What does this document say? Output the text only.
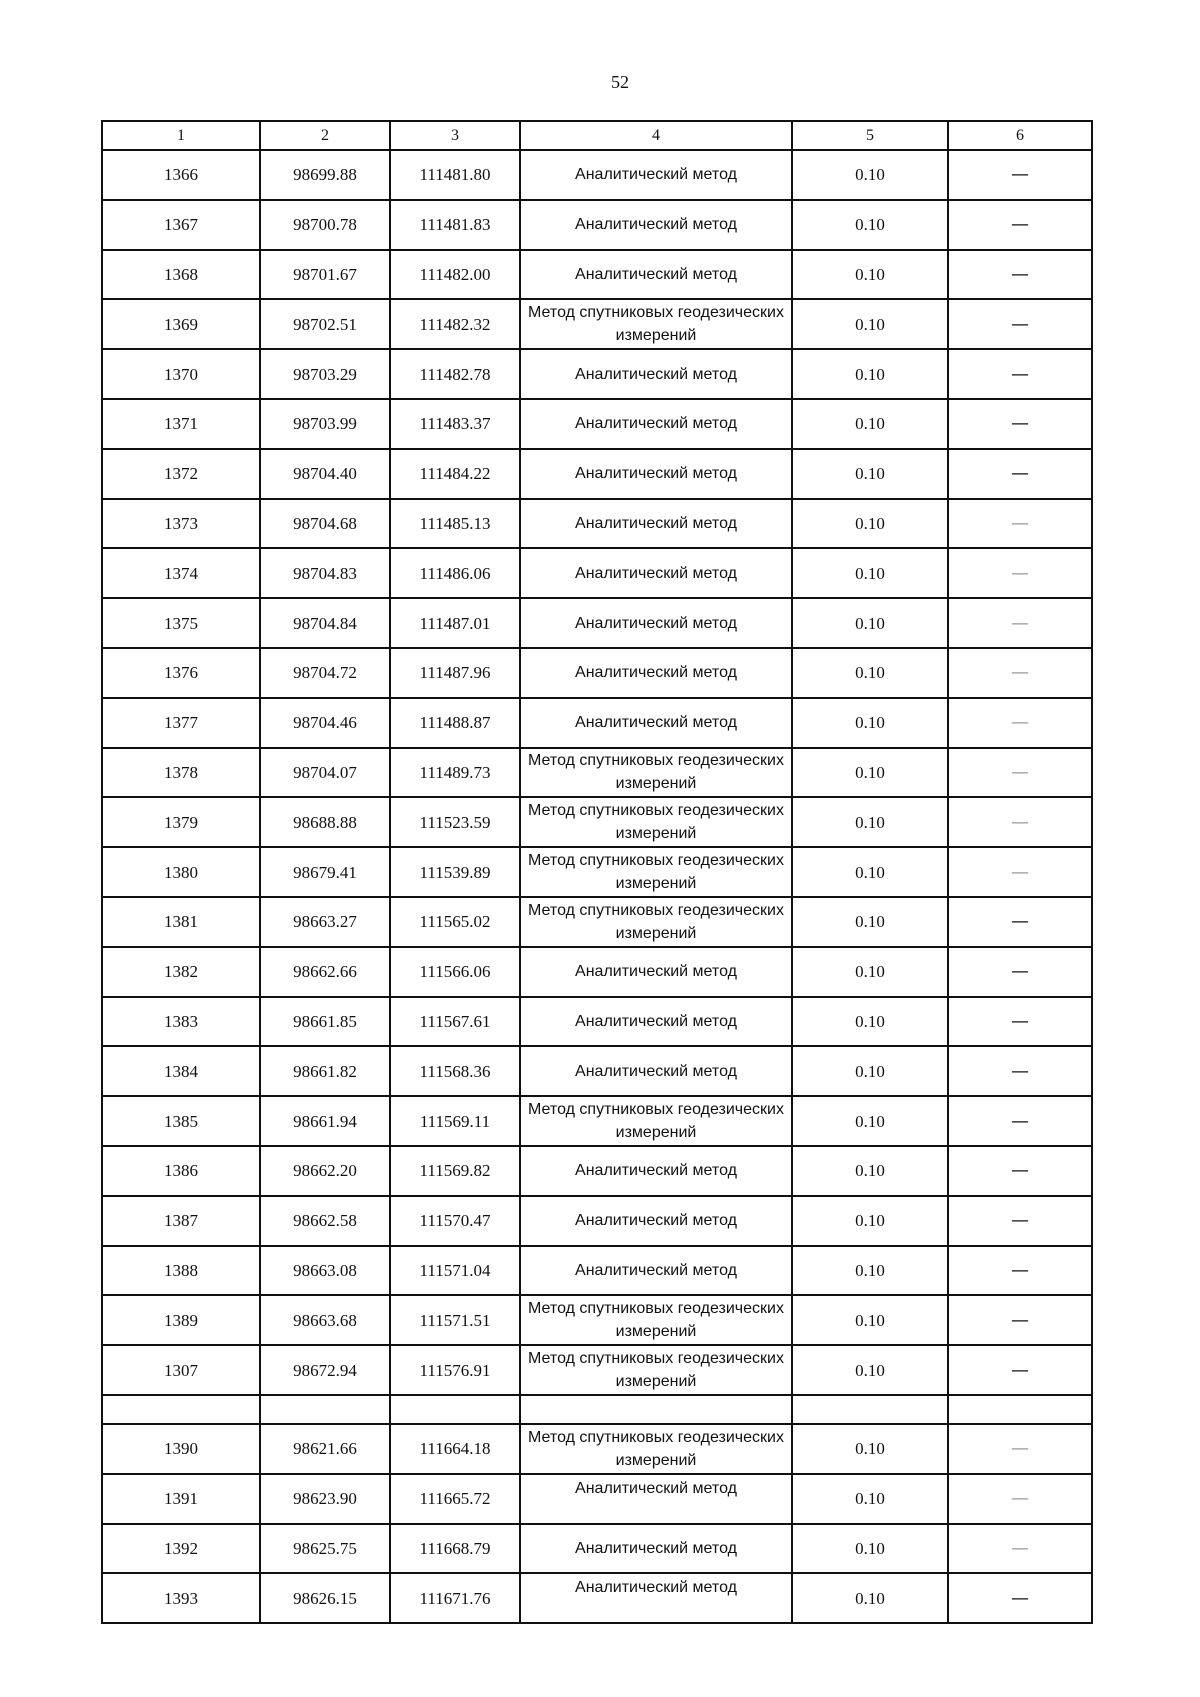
52
1	2	3	4	5	6
1366	98699.88	111481.80	Аналитический метод	0.10	—
1367	98700.78	111481.83	Аналитический метод	0.10	—
1368	98701.67	111482.00	Аналитический метод	0.10	—
1369	98702.51	111482.32	Метод спутниковых геодезических измерений	0.10	—
1370	98703.29	111482.78	Аналитический метод	0.10	—
1371	98703.99	111483.37	Аналитический метод	0.10	—
1372	98704.40	111484.22	Аналитический метод	0.10	—
1373	98704.68	111485.13	Аналитический метод	0.10	—
1374	98704.83	111486.06	Аналитический метод	0.10	—
1375	98704.84	111487.01	Аналитический метод	0.10	—
1376	98704.72	111487.96	Аналитический метод	0.10	—
1377	98704.46	111488.87	Аналитический метод	0.10	—
1378	98704.07	111489.73	Метод спутниковых геодезических измерений	0.10	—
1379	98688.88	111523.59	Метод спутниковых геодезических измерений	0.10	—
1380	98679.41	111539.89	Метод спутниковых геодезических измерений	0.10	—
1381	98663.27	111565.02	Метод спутниковых геодезических измерений	0.10	—
1382	98662.66	111566.06	Аналитический метод	0.10	—
1383	98661.85	111567.61	Аналитический метод	0.10	—
1384	98661.82	111568.36	Аналитический метод	0.10	—
1385	98661.94	111569.11	Метод спутниковых геодезических измерений	0.10	—
1386	98662.20	111569.82	Аналитический метод	0.10	—
1387	98662.58	111570.47	Аналитический метод	0.10	—
1388	98663.08	111571.04	Аналитический метод	0.10	—
1389	98663.68	111571.51	Метод спутниковых геодезических измерений	0.10	—
1307	98672.94	111576.91	Метод спутниковых геодезических измерений	0.10	—

1390	98621.66	111664.18	Метод спутниковых геодезических измерений	0.10	—
1391	98623.90	111665.72	Аналитический метод	0.10	—
1392	98625.75	111668.79	Аналитический метод	0.10	—
1393	98626.15	111671.76	Аналитический метод	0.10	—
